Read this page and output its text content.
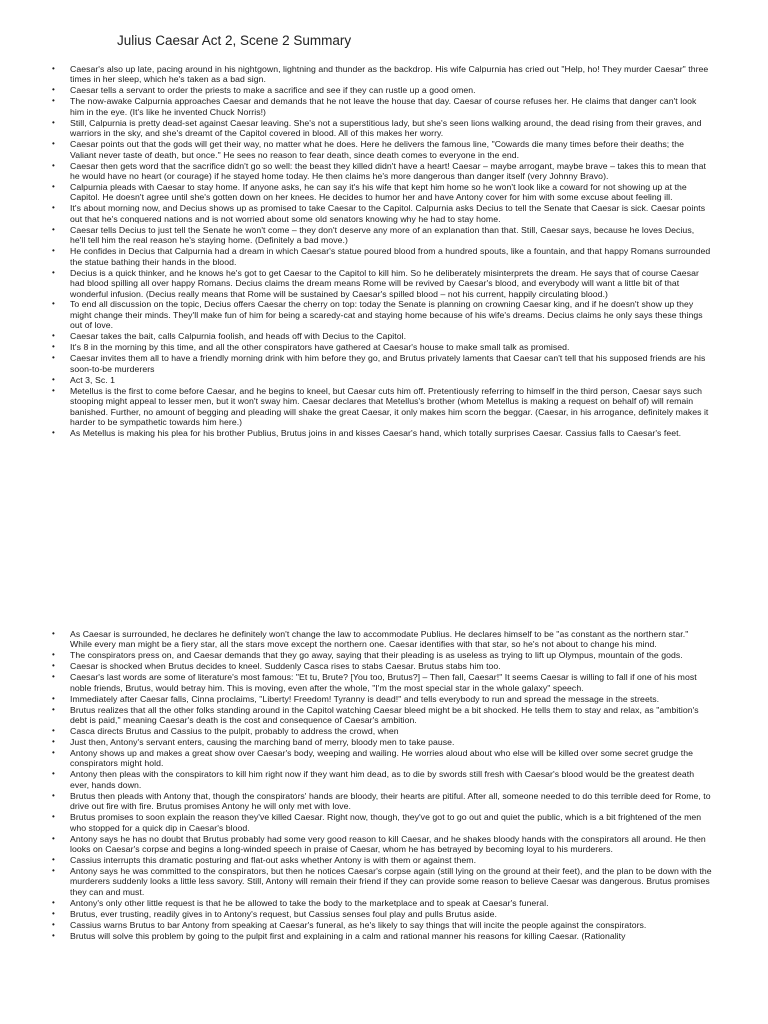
Julius Caesar Act 2, Scene 2 Summary
• Caesar's also up late, pacing around in his nightgown, lightning and thunder as the backdrop. His wife Calpurnia has cried out "Help, ho! They murder Caesar" three times in her sleep, which he's taken as a bad sign.
• Caesar tells a servant to order the priests to make a sacrifice and see if they can rustle up a good omen.
• The now-awake Calpurnia approaches Caesar and demands that he not leave the house that day. Caesar of course refuses her. He claims that danger can't look him in the eye. (It's like he invented Chuck Norris!)
• Still, Calpurnia is pretty dead-set against Caesar leaving. She's not a superstitious lady, but she's seen lions walking around, the dead rising from their graves, and warriors in the sky, and she's dreamt of the Capitol covered in blood. All of this makes her worry.
• Caesar points out that the gods will get their way, no matter what he does. Here he delivers the famous line, "Cowards die many times before their deaths; the Valiant never taste of death, but once." He sees no reason to fear death, since death comes to everyone in the end.
• Caesar then gets word that the sacrifice didn't go so well: the beast they killed didn't have a heart! Caesar – maybe arrogant, maybe brave – takes this to mean that he would have no heart (or courage) if he stayed home today. He then claims he's more dangerous than danger itself (very Johnny Bravo).
• Calpurnia pleads with Caesar to stay home. If anyone asks, he can say it's his wife that kept him home so he won't look like a coward for not showing up at the Capitol. He doesn't agree until she's gotten down on her knees. He decides to humor her and have Antony cover for him with some excuse about feeling ill.
• It's about morning now, and Decius shows up as promised to take Caesar to the Capitol. Calpurnia asks Decius to tell the Senate that Caesar is sick. Caesar points out that he's conquered nations and is not worried about some old senators knowing why he had to stay home.
• Caesar tells Decius to just tell the Senate he won't come – they don't deserve any more of an explanation than that. Still, Caesar says, because he loves Decius, he'll tell him the real reason he's staying home. (Definitely a bad move.)
• He confides in Decius that Calpurnia had a dream in which Caesar's statue poured blood from a hundred spouts, like a fountain, and that happy Romans surrounded the statue bathing their hands in the blood.
• Decius is a quick thinker, and he knows he's got to get Caesar to the Capitol to kill him. So he deliberately misinterprets the dream. He says that of course Caesar had blood spilling all over happy Romans. Decius claims the dream means Rome will be revived by Caesar's blood, and everybody will want a little bit of that wonderful infusion. (Decius really means that Rome will be sustained by Caesar's spilled blood – not his current, happily circulating blood.)
• To end all discussion on the topic, Decius offers Caesar the cherry on top: today the Senate is planning on crowning Caesar king, and if he doesn't show up they might change their minds. They'll make fun of him for being a scaredy-cat and staying home because of his wife's dreams. Decius claims he only says these things out of love.
• Caesar takes the bait, calls Calpurnia foolish, and heads off with Decius to the Capitol.
• It's 8 in the morning by this time, and all the other conspirators have gathered at Caesar's house to make small talk as promised.
• Caesar invites them all to have a friendly morning drink with him before they go, and Brutus privately laments that Caesar can't tell that his supposed friends are his soon-to-be murderers
• Act 3, Sc. 1
• Metellus is the first to come before Caesar, and he begins to kneel, but Caesar cuts him off. Pretentiously referring to himself in the third person, Caesar says such stooping might appeal to lesser men, but it won't sway him. Caesar declares that Metellus's brother (whom Metellus is making a request on behalf of) will remain banished. Further, no amount of begging and pleading will shake the great Caesar, it only makes him scorn the beggar. (Caesar, in his arrogance, definitely makes it harder to be sympathetic towards him here.)
• As Metellus is making his plea for his brother Publius, Brutus joins in and kisses Caesar's hand, which totally surprises Caesar. Cassius falls to Caesar's feet.
• As Caesar is surrounded, he declares he definitely won't change the law to accommodate Publius. He declares himself to be "as constant as the northern star." While every man might be a fiery star, all the stars move except the northern one. Caesar identifies with that star, so he's not about to change his mind.
• The conspirators press on, and Caesar demands that they go away, saying that their pleading is as useless as trying to lift up Olympus, mountain of the gods.
• Caesar is shocked when Brutus decides to kneel. Suddenly Casca rises to stabs Caesar. Brutus stabs him too.
• Caesar's last words are some of literature's most famous: "Et tu, Brute? [You too, Brutus?] – Then fall, Caesar!" It seems Caesar is willing to fall if one of his most noble friends, Brutus, would betray him. This is moving, even after the whole, "I'm the most special star in the whole galaxy" speech.
• Immediately after Caesar falls, Cinna proclaims, "Liberty! Freedom! Tyranny is dead!" and tells everybody to run and spread the message in the streets.
• Brutus realizes that all the other folks standing around in the Capitol watching Caesar bleed might be a bit shocked. He tells them to stay and relax, as "ambition's debt is paid," meaning Caesar's death is the cost and consequence of Caesar's ambition.
• Casca directs Brutus and Cassius to the pulpit, probably to address the crowd, when
• Just then, Antony's servant enters, causing the marching band of merry, bloody men to take pause.
• Antony shows up and makes a great show over Caesar's body, weeping and wailing. He worries aloud about who else will be killed over some secret grudge the conspirators might hold.
• Antony then pleas with the conspirators to kill him right now if they want him dead, as to die by swords still fresh with Caesar's blood would be the greatest death ever, hands down.
• Brutus then pleads with Antony that, though the conspirators' hands are bloody, their hearts are pitiful. After all, someone needed to do this terrible deed for Rome, to drive out fire with fire. Brutus promises Antony he will only met with love.
• Brutus promises to soon explain the reason they've killed Caesar. Right now, though, they've got to go out and quiet the public, which is a bit frightened of the men who stopped for a quick dip in Caesar's blood.
• Antony says he has no doubt that Brutus probably had some very good reason to kill Caesar, and he shakes bloody hands with the conspirators all around. He then looks on Caesar's corpse and begins a long-winded speech in praise of Caesar, whom he has betrayed by becoming loyal to his murderers.
• Cassius interrupts this dramatic posturing and flat-out asks whether Antony is with them or against them.
• Antony says he was committed to the conspirators, but then he notices Caesar's corpse again (still lying on the ground at their feet), and the plan to be down with the murderers suddenly looks a little less savory. Still, Antony will remain their friend if they can provide some reason to believe Caesar was dangerous. Brutus promises they can and must.
• Antony's only other little request is that he be allowed to take the body to the marketplace and to speak at Caesar's funeral.
• Brutus, ever trusting, readily gives in to Antony's request, but Cassius senses foul play and pulls Brutus aside.
• Cassius warns Brutus to bar Antony from speaking at Caesar's funeral, as he's likely to say things that will incite the people against the conspirators.
• Brutus will solve this problem by going to the pulpit first and explaining in a calm and rational manner his reasons for killing Caesar. (Rationality
